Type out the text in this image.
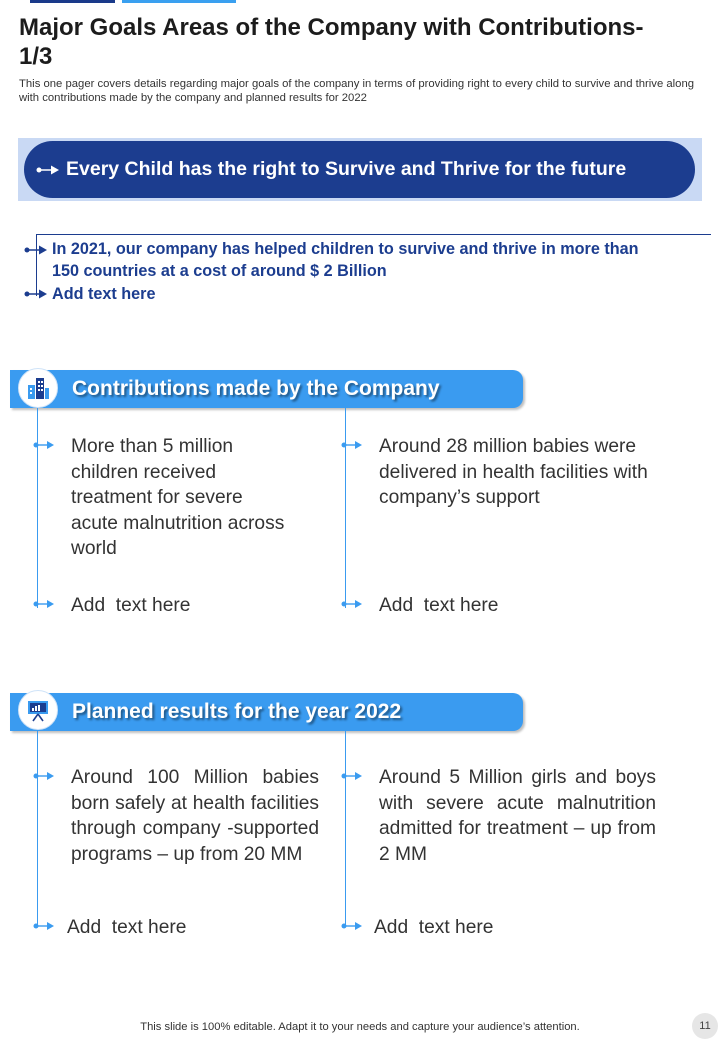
Major Goals Areas of the Company with Contributions-1/3

This one pager covers details regarding major goals of the company in terms of providing right to every child to survive and thrive along with contributions made by the company and planned results for 2022

Every Child has the right to Survive and Thrive for the future

In 2021, our company has helped children to survive and thrive in more than 150 countries at a cost of around $ 2 Billion

Add text here

Contributions made by the Company

More than 5 million children received treatment for severe acute malnutrition across world

Add  text here

Around 28 million babies were delivered in health facilities with company’s support

Add  text here

Planned results for the year 2022

Around 100 Million babies born safely at health facilities through company -supported programs – up from 20 MM

Add  text here

Around 5 Million girls and boys with severe acute malnutrition admitted for treatment – up from 2 MM

Add  text here

This slide is 100% editable. Adapt it to your needs and capture your audience’s attention.	11
